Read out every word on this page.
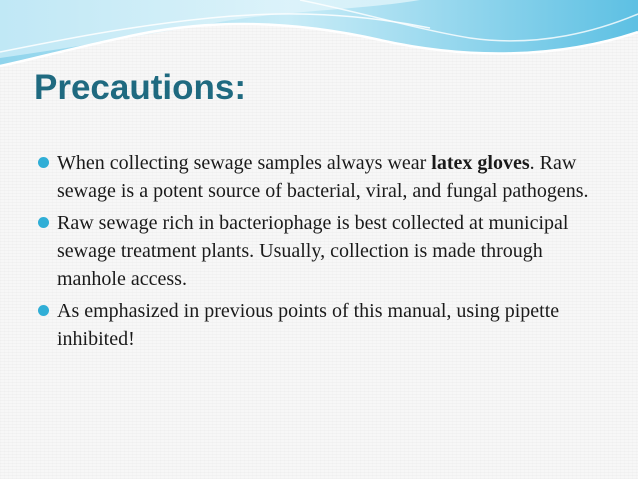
Precautions:
When collecting sewage samples always wear latex gloves. Raw sewage is a potent source of bacterial, viral, and fungal pathogens.
Raw sewage rich in bacteriophage is best collected at municipal sewage treatment plants. Usually, collection is made through manhole access.
As emphasized in previous points of this manual, using pipette inhibited!
